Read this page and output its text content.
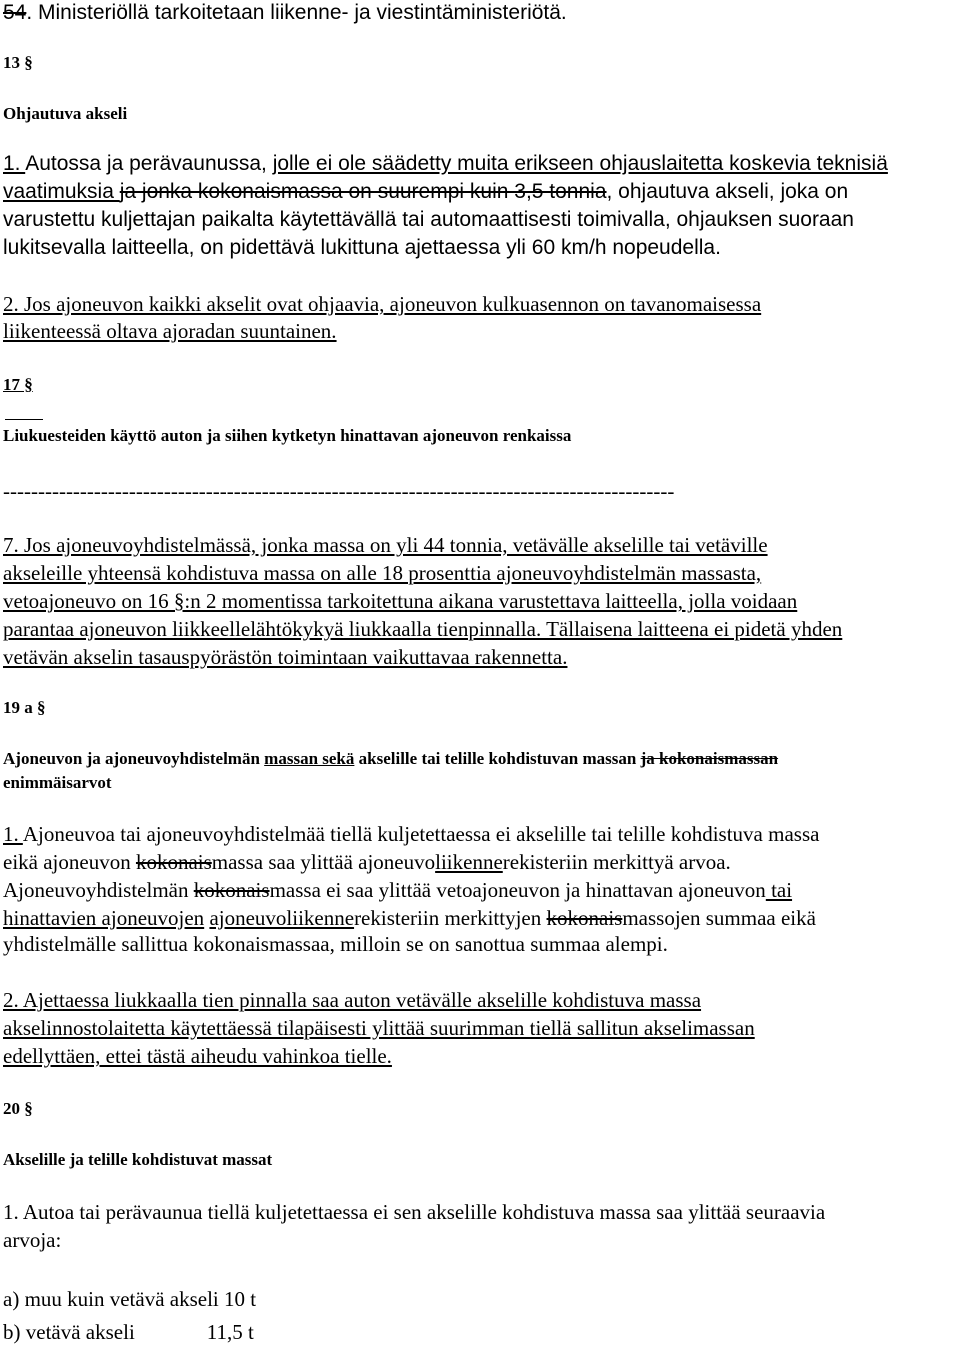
54. Ministeriöllä tarkoitetaan liikenne- ja viestintäministeriötä.
13 §
Ohjautuva akseli
1. Autossa ja perävaunussa, jolle ei ole säädetty muita erikseen ohjauslaitetta koskevia teknisiä
vaatimuksia ja jonka kokonaismassa on suurempi kuin 3,5 tonnia, ohjautuva akseli, joka on
varustettu kuljettajan paikalta käytettävällä tai automaattisesti toimivalla, ohjauksen suoraan
lukitsevalla laitteella, on pidettävä lukittuna ajettaessa yli 60 km/h nopeudella.
2. Jos ajoneuvon kaikki akselit ovat ohjaavia, ajoneuvon kulkuasennon on tavanomaisessa
liikenteessä oltava ajoradan suuntainen.
17 §
Liukuesteiden käyttö auton ja siihen kytketyn hinattavan ajoneuvon renkaissa
------------------------------------------------------------------------------------------------
7. Jos ajoneuvoyhdistelmässä, jonka massa on yli 44 tonnia, vetävälle akselille tai vetäville
akseleille yhteensä kohdistuva massa on alle 18 prosenttia ajoneuvoyhdistelmän massasta,
vetoajoneuvo on 16 §:n 2 momentissa tarkoitettuna aikana varustettava laitteella, jolla voidaan
parantaa ajoneuvon liikkeellelähtökykyä liukkaalla tienpinnalla. Tällaisena laitteena ei pidetä yhden
vetävän akselin tasauspyörästön toimintaan vaikuttavaa rakennetta.
19 a §
Ajoneuvon ja ajoneuvoyhdistelmän massan sekä akselille tai telille kohdistuvan massan ja kokonaismassan
enimmäisarvot
1. Ajoneuvoa tai ajoneuvoyhdistelmää tiellä kuljetettaessa ei akselille tai telille kohdistuva massa
eikä ajoneuvon kokonaismassa saa ylittää ajoneuvoliikennerekisteriin merkittyä arvoa.
Ajoneuvoyhdistelmän kokonaismassa ei saa ylittää vetoajoneuvon ja hinattavan ajoneuvon tai
hinattavien ajoneuvojen ajoneuvoliikennerekisteriin merkittyjen kokonaismassojen summaa eikä
yhdistelmälle sallittua kokonaismassaa, milloin se on sanottua summaa alempi.
2. Ajettaessa liukkaalla tien pinnalla saa auton vetävälle akselille kohdistuva massa
akselinnostolaitetta käytettäessä tilapäisesti ylittää suurimman tiellä sallitun akselimassan
edellyttäen, ettei tästä aiheudu vahinkoa tielle.
20 §
Akselille ja telille kohdistuvat massat
1. Autoa tai perävaunua tiellä kuljetettaessa ei sen akselille kohdistuva massa saa ylittää seuraavia
arvoja:
a) muu kuin vetävä akseli 10 t
b) vetävä akseli	11,5 t
